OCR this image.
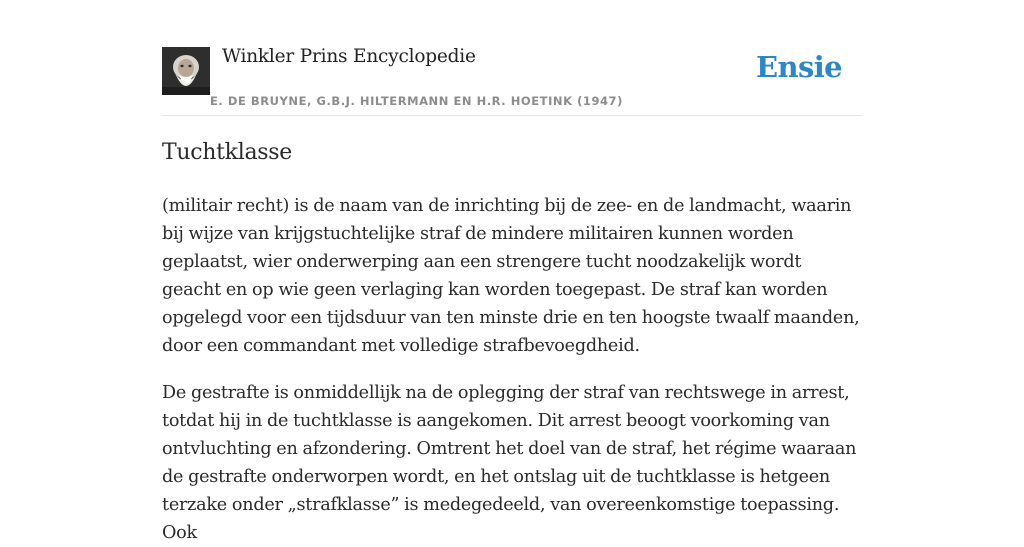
Winkler Prins Encyclopedie
E. DE BRUYNE, G.B.J. HILTERMANN EN H.R. HOETINK (1947)
Ensie
Tuchtklasse

(militair recht) is de naam van de inrichting bij de zee- en de landmacht, waarin bij wijze van krijgstuchtelijke straf de mindere militairen kunnen worden geplaatst, wier onderwerping aan een strengere tucht noodzakelijk wordt geacht en op wie geen verlaging kan worden toegepast. De straf kan worden opgelegd voor een tijdsduur van ten minste drie en ten hoogste twaalf maanden, door een commandant met volledige strafbevoegdheid.

De gestrafte is onmiddellijk na de oplegging der straf van rechtswege in arrest, totdat hij in de tuchtklasse is aangekomen. Dit arrest beoogt voorkoming van ontvluchting en afzondering. Omtrent het doel van de straf, het régime waaraan de gestrafte onderworpen wordt, en het ontslag uit de tuchtklasse is hetgeen terzake onder „strafklasse” is medegedeeld, van overeenkomstige toepassing. Ook
